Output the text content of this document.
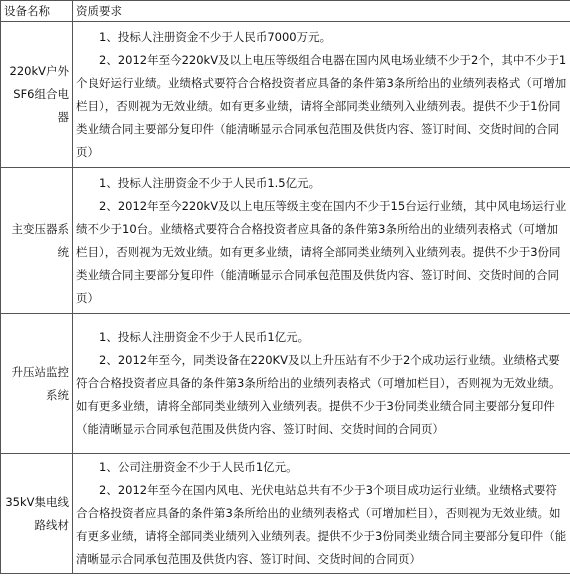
设备名称	资质要求
220kV户外SF6组合电器	1、投标人注册资金不少于人民币7000万元。

2、2012年至今220kV及以上电压等级组合电器在国内风电场业绩不少于2个，其中不少于1个良好运行业绩。业绩格式要符合合格投资者应具备的条件第3条所给出的业绩列表格式（可增加栏目），否则视为无效业绩。如有更多业绩，请将全部同类业绩列入业绩列表。提供不少于1份同类业绩合同主要部分复印件（能清晰显示合同承包范围及供货内容、签订时间、交货时间的合同页）

主变压器系统	1、投标人注册资金不少于人民币1.5亿元。

2、2012年至今220kV及以上电压等级主变在国内不少于15台运行业绩，其中风电场运行业绩不少于10台。业绩格式要符合合格投资者应具备的条件第3条所给出的业绩列表格式（可增加栏目），否则视为无效业绩。如有更多业绩，请将全部同类业绩列入业绩列表。提供不少于3份同类业绩合同主要部分复印件（能清晰显示合同承包范围及供货内容、签订时间、交货时间的合同页）

升压站监控系统	1、投标人注册资金不少于人民币1亿元。

2、2012年至今，同类设备在220KV及以上升压站有不少于2个成功运行业绩。业绩格式要符合合格投资者应具备的条件第3条所给出的业绩列表格式（可增加栏目），否则视为无效业绩。如有更多业绩，请将全部同类业绩列入业绩列表。提供不少于3份同类业绩合同主要部分复印件（能清晰显示合同承包范围及供货内容、签订时间、交货时间的合同页）

35kV集电线路线材	1、公司注册资金不少于人民币1亿元。

2、2012年至今在国内风电、光伏电站总共有不少于3个项目成功运行业绩。业绩格式要符合合格投资者应具备的条件第3条所给出的业绩列表格式（可增加栏目），否则视为无效业绩。如有更多业绩，请将全部同类业绩列入业绩列表。提供不少于3份同类业绩合同主要部分复印件（能清晰显示合同承包范围及供货内容、签订时间、交货时间的合同页）
